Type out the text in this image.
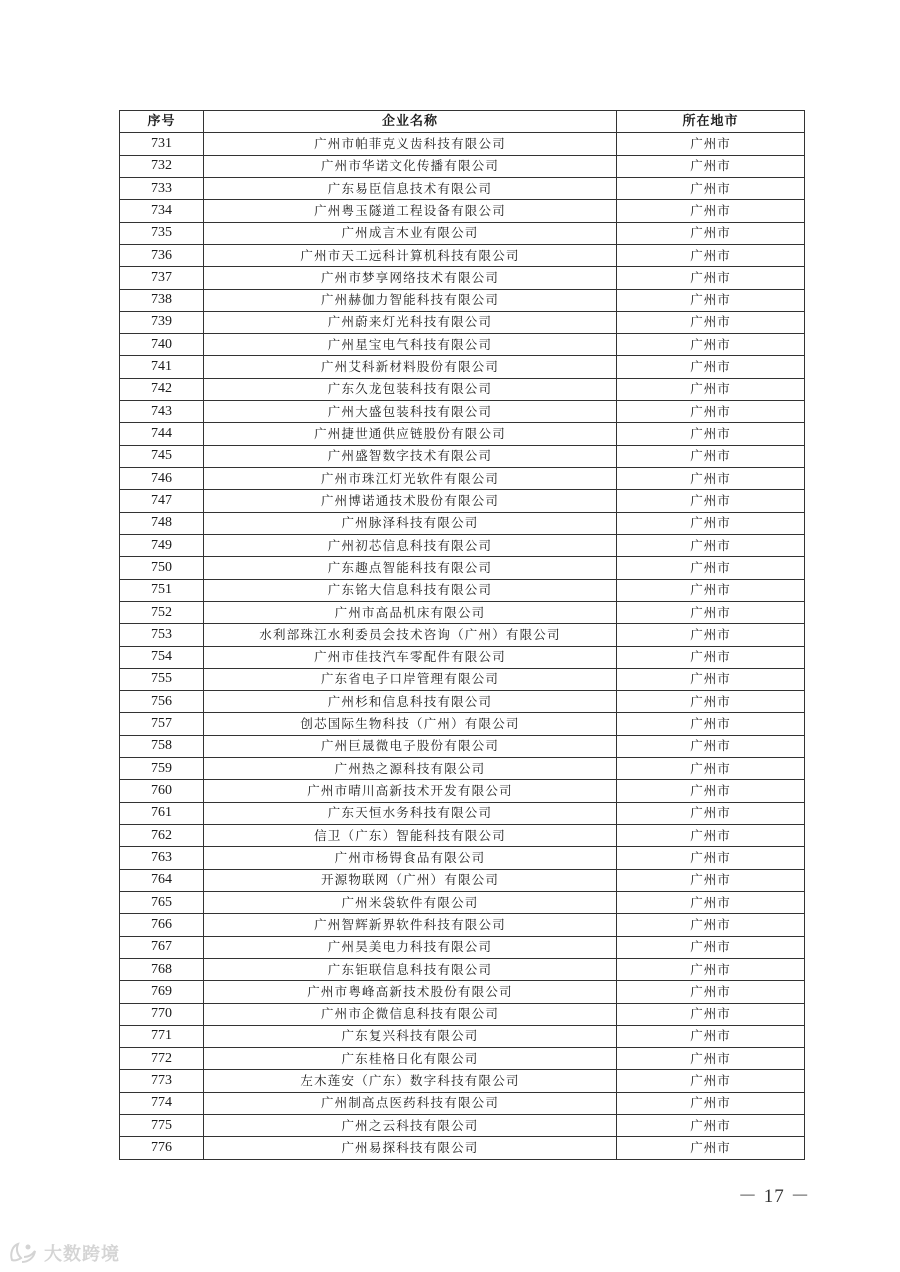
序号	企业名称	所在地市
731	广州市帕菲克义齿科技有限公司	广州市
732	广州市华诺文化传播有限公司	广州市
733	广东易臣信息技术有限公司	广州市
734	广州粤玉隧道工程设备有限公司	广州市
735	广州成言木业有限公司	广州市
736	广州市天工远科计算机科技有限公司	广州市
737	广州市梦享网络技术有限公司	广州市
738	广州赫伽力智能科技有限公司	广州市
739	广州蔚来灯光科技有限公司	广州市
740	广州星宝电气科技有限公司	广州市
741	广州艾科新材料股份有限公司	广州市
742	广东久龙包装科技有限公司	广州市
743	广州大盛包装科技有限公司	广州市
744	广州捷世通供应链股份有限公司	广州市
745	广州盛智数字技术有限公司	广州市
746	广州市珠江灯光软件有限公司	广州市
747	广州博诺通技术股份有限公司	广州市
748	广州脉泽科技有限公司	广州市
749	广州初芯信息科技有限公司	广州市
750	广东趣点智能科技有限公司	广州市
751	广东铭大信息科技有限公司	广州市
752	广州市高品机床有限公司	广州市
753	水利部珠江水利委员会技术咨询（广州）有限公司	广州市
754	广州市佳技汽车零配件有限公司	广州市
755	广东省电子口岸管理有限公司	广州市
756	广州杉和信息科技有限公司	广州市
757	创芯国际生物科技（广州）有限公司	广州市
758	广州巨晟微电子股份有限公司	广州市
759	广州热之源科技有限公司	广州市
760	广州市晴川高新技术开发有限公司	广州市
761	广东天恒水务科技有限公司	广州市
762	信卫（广东）智能科技有限公司	广州市
763	广州市杨锝食品有限公司	广州市
764	开源物联网（广州）有限公司	广州市
765	广州米袋软件有限公司	广州市
766	广州智辉新界软件科技有限公司	广州市
767	广州昊美电力科技有限公司	广州市
768	广东钜联信息科技有限公司	广州市
769	广州市粤峰高新技术股份有限公司	广州市
770	广州市企微信息科技有限公司	广州市
771	广东复兴科技有限公司	广州市
772	广东桂格日化有限公司	广州市
773	左木莲安（广东）数字科技有限公司	广州市
774	广州制高点医药科技有限公司	广州市
775	广州之云科技有限公司	广州市
776	广州易探科技有限公司	广州市
－ 17 －
大数跨境
